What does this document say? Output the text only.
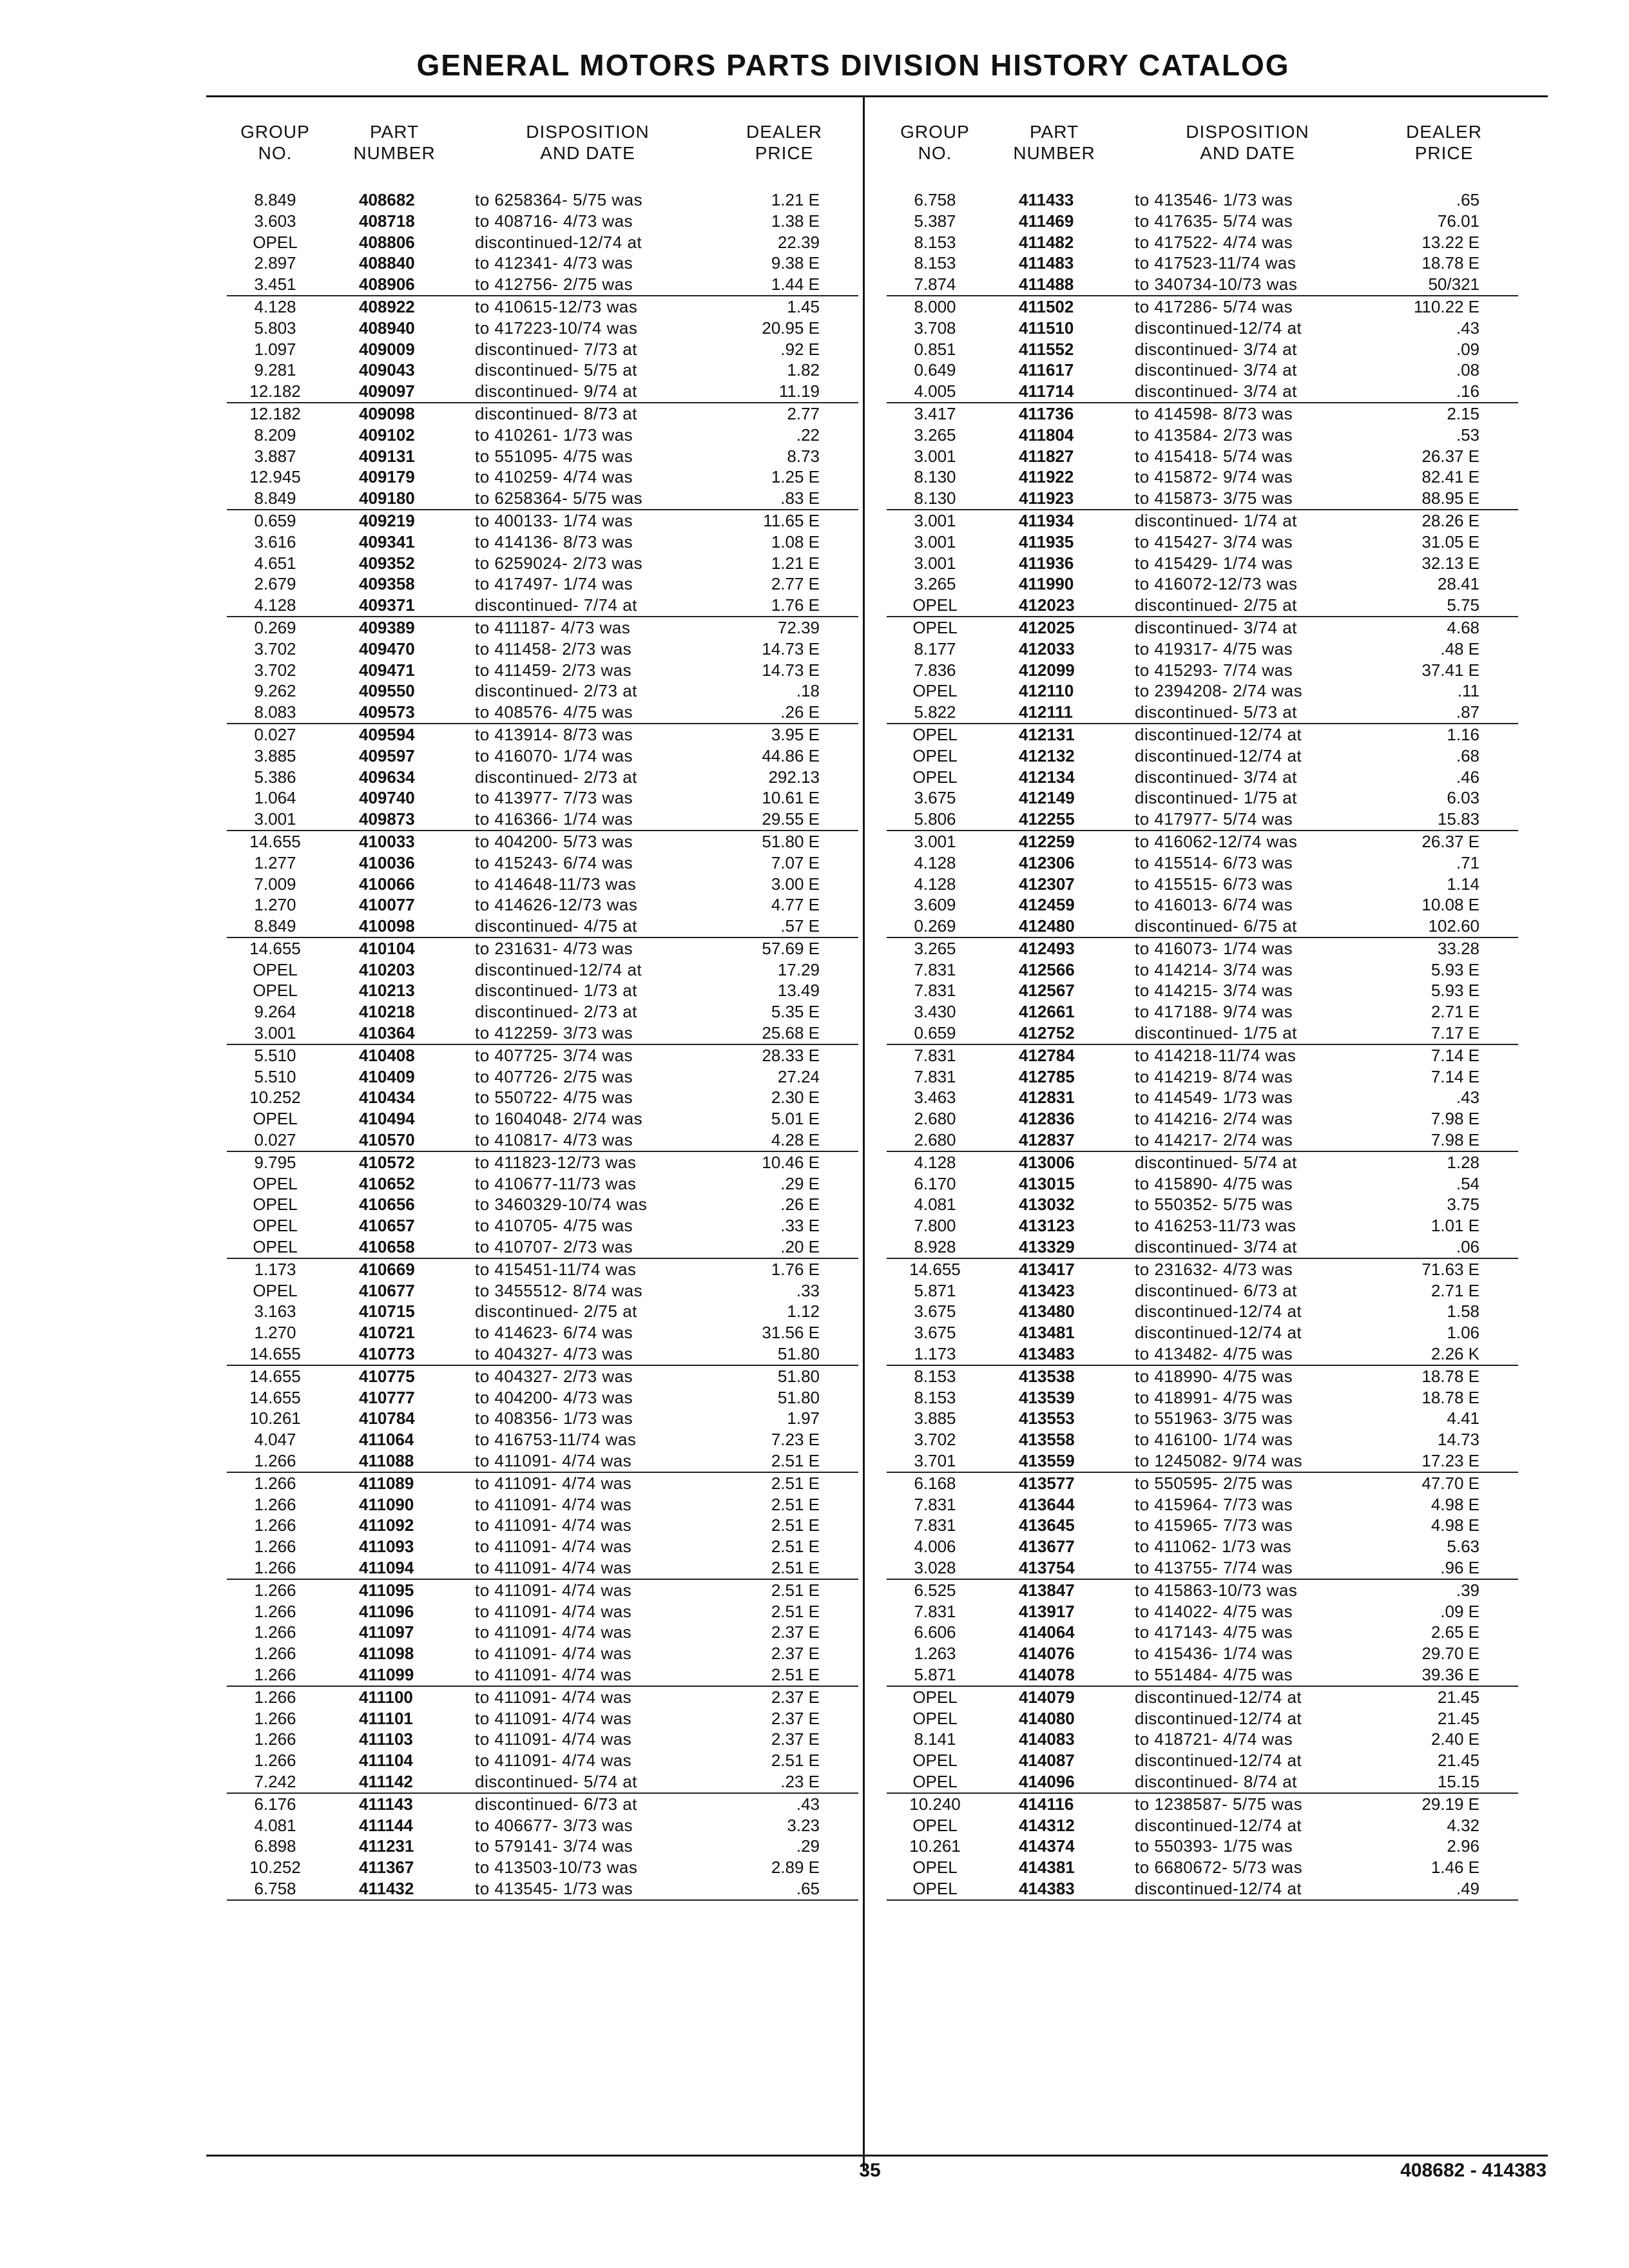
GENERAL MOTORS PARTS DIVISION HISTORY CATALOG
GROUP
NO.
PART
NUMBER
DISPOSITION
AND DATE
DEALER
PRICE
8.849	408682	to 6258364- 5/75 was	1.21 E
3.603	408718	to 408716- 4/73 was	1.38 E
OPEL	408806	discontinued-12/74 at	22.39
2.897	408840	to 412341- 4/73 was	9.38 E
3.451	408906	to 412756- 2/75 was	1.44 E
4.128	408922	to 410615-12/73 was	1.45
5.803	408940	to 417223-10/74 was	20.95 E
1.097	409009	discontinued- 7/73 at	.92 E
9.281	409043	discontinued- 5/75 at	1.82
12.182	409097	discontinued- 9/74 at	11.19
12.182	409098	discontinued- 8/73 at	2.77
8.209	409102	to 410261- 1/73 was	.22
3.887	409131	to 551095- 4/75 was	8.73
12.945	409179	to 410259- 4/74 was	1.25 E
8.849	409180	to 6258364- 5/75 was	.83 E
0.659	409219	to 400133- 1/74 was	11.65 E
3.616	409341	to 414136- 8/73 was	1.08 E
4.651	409352	to 6259024- 2/73 was	1.21 E
2.679	409358	to 417497- 1/74 was	2.77 E
4.128	409371	discontinued- 7/74 at	1.76 E
0.269	409389	to 411187- 4/73 was	72.39
3.702	409470	to 411458- 2/73 was	14.73 E
3.702	409471	to 411459- 2/73 was	14.73 E
9.262	409550	discontinued- 2/73 at	.18
8.083	409573	to 408576- 4/75 was	.26 E
0.027	409594	to 413914- 8/73 was	3.95 E
3.885	409597	to 416070- 1/74 was	44.86 E
5.386	409634	discontinued- 2/73 at	292.13
1.064	409740	to 413977- 7/73 was	10.61 E
3.001	409873	to 416366- 1/74 was	29.55 E
14.655	410033	to 404200- 5/73 was	51.80 E
1.277	410036	to 415243- 6/74 was	7.07 E
7.009	410066	to 414648-11/73 was	3.00 E
1.270	410077	to 414626-12/73 was	4.77 E
8.849	410098	discontinued- 4/75 at	.57 E
14.655	410104	to 231631- 4/73 was	57.69 E
OPEL	410203	discontinued-12/74 at	17.29
OPEL	410213	discontinued- 1/73 at	13.49
9.264	410218	discontinued- 2/73 at	5.35 E
3.001	410364	to 412259- 3/73 was	25.68 E
5.510	410408	to 407725- 3/74 was	28.33 E
5.510	410409	to 407726- 2/75 was	27.24
10.252	410434	to 550722- 4/75 was	2.30 E
OPEL	410494	to 1604048- 2/74 was	5.01 E
0.027	410570	to 410817- 4/73 was	4.28 E
9.795	410572	to 411823-12/73 was	10.46 E
OPEL	410652	to 410677-11/73 was	.29 E
OPEL	410656	to 3460329-10/74 was	.26 E
OPEL	410657	to 410705- 4/75 was	.33 E
OPEL	410658	to 410707- 2/73 was	.20 E
1.173	410669	to 415451-11/74 was	1.76 E
OPEL	410677	to 3455512- 8/74 was	.33
3.163	410715	discontinued- 2/75 at	1.12
1.270	410721	to 414623- 6/74 was	31.56 E
14.655	410773	to 404327- 4/73 was	51.80
14.655	410775	to 404327- 2/73 was	51.80
14.655	410777	to 404200- 4/73 was	51.80
10.261	410784	to 408356- 1/73 was	1.97
4.047	411064	to 416753-11/74 was	7.23 E
1.266	411088	to 411091- 4/74 was	2.51 E
1.266	411089	to 411091- 4/74 was	2.51 E
1.266	411090	to 411091- 4/74 was	2.51 E
1.266	411092	to 411091- 4/74 was	2.51 E
1.266	411093	to 411091- 4/74 was	2.51 E
1.266	411094	to 411091- 4/74 was	2.51 E
1.266	411095	to 411091- 4/74 was	2.51 E
1.266	411096	to 411091- 4/74 was	2.51 E
1.266	411097	to 411091- 4/74 was	2.37 E
1.266	411098	to 411091- 4/74 was	2.37 E
1.266	411099	to 411091- 4/74 was	2.51 E
1.266	411100	to 411091- 4/74 was	2.37 E
1.266	411101	to 411091- 4/74 was	2.37 E
1.266	411103	to 411091- 4/74 was	2.37 E
1.266	411104	to 411091- 4/74 was	2.51 E
7.242	411142	discontinued- 5/74 at	.23 E
6.176	411143	discontinued- 6/73 at	.43
4.081	411144	to 406677- 3/73 was	3.23
6.898	411231	to 579141- 3/74 was	.29
10.252	411367	to 413503-10/73 was	2.89 E
6.758	411432	to 413545- 1/73 was	.65
GROUP
NO.
PART
NUMBER
DISPOSITION
AND DATE
DEALER
PRICE
6.758	411433	to 413546- 1/73 was	.65
5.387	411469	to 417635- 5/74 was	76.01
8.153	411482	to 417522- 4/74 was	13.22 E
8.153	411483	to 417523-11/74 was	18.78 E
7.874	411488	to 340734-10/73 was	50/321
8.000	411502	to 417286- 5/74 was	110.22 E
3.708	411510	discontinued-12/74 at	.43
0.851	411552	discontinued- 3/74 at	.09
0.649	411617	discontinued- 3/74 at	.08
4.005	411714	discontinued- 3/74 at	.16
3.417	411736	to 414598- 8/73 was	2.15
3.265	411804	to 413584- 2/73 was	.53
3.001	411827	to 415418- 5/74 was	26.37 E
8.130	411922	to 415872- 9/74 was	82.41 E
8.130	411923	to 415873- 3/75 was	88.95 E
3.001	411934	discontinued- 1/74 at	28.26 E
3.001	411935	to 415427- 3/74 was	31.05 E
3.001	411936	to 415429- 1/74 was	32.13 E
3.265	411990	to 416072-12/73 was	28.41
OPEL	412023	discontinued- 2/75 at	5.75
OPEL	412025	discontinued- 3/74 at	4.68
8.177	412033	to 419317- 4/75 was	.48 E
7.836	412099	to 415293- 7/74 was	37.41 E
OPEL	412110	to 2394208- 2/74 was	.11
5.822	412111	discontinued- 5/73 at	.87
OPEL	412131	discontinued-12/74 at	1.16
OPEL	412132	discontinued-12/74 at	.68
OPEL	412134	discontinued- 3/74 at	.46
3.675	412149	discontinued- 1/75 at	6.03
5.806	412255	to 417977- 5/74 was	15.83
3.001	412259	to 416062-12/74 was	26.37 E
4.128	412306	to 415514- 6/73 was	.71
4.128	412307	to 415515- 6/73 was	1.14
3.609	412459	to 416013- 6/74 was	10.08 E
0.269	412480	discontinued- 6/75 at	102.60
3.265	412493	to 416073- 1/74 was	33.28
7.831	412566	to 414214- 3/74 was	5.93 E
7.831	412567	to 414215- 3/74 was	5.93 E
3.430	412661	to 417188- 9/74 was	2.71 E
0.659	412752	discontinued- 1/75 at	7.17 E
7.831	412784	to 414218-11/74 was	7.14 E
7.831	412785	to 414219- 8/74 was	7.14 E
3.463	412831	to 414549- 1/73 was	.43
2.680	412836	to 414216- 2/74 was	7.98 E
2.680	412837	to 414217- 2/74 was	7.98 E
4.128	413006	discontinued- 5/74 at	1.28
6.170	413015	to 415890- 4/75 was	.54
4.081	413032	to 550352- 5/75 was	3.75
7.800	413123	to 416253-11/73 was	1.01 E
8.928	413329	discontinued- 3/74 at	.06
14.655	413417	to 231632- 4/73 was	71.63 E
5.871	413423	discontinued- 6/73 at	2.71 E
3.675	413480	discontinued-12/74 at	1.58
3.675	413481	discontinued-12/74 at	1.06
1.173	413483	to 413482- 4/75 was	2.26 K
8.153	413538	to 418990- 4/75 was	18.78 E
8.153	413539	to 418991- 4/75 was	18.78 E
3.885	413553	to 551963- 3/75 was	4.41
3.702	413558	to 416100- 1/74 was	14.73
3.701	413559	to 1245082- 9/74 was	17.23 E
6.168	413577	to 550595- 2/75 was	47.70 E
7.831	413644	to 415964- 7/73 was	4.98 E
7.831	413645	to 415965- 7/73 was	4.98 E
4.006	413677	to 411062- 1/73 was	5.63
3.028	413754	to 413755- 7/74 was	.96 E
6.525	413847	to 415863-10/73 was	.39
7.831	413917	to 414022- 4/75 was	.09 E
6.606	414064	to 417143- 4/75 was	2.65 E
1.263	414076	to 415436- 1/74 was	29.70 E
5.871	414078	to 551484- 4/75 was	39.36 E
OPEL	414079	discontinued-12/74 at	21.45
OPEL	414080	discontinued-12/74 at	21.45
8.141	414083	to 418721- 4/74 was	2.40 E
OPEL	414087	discontinued-12/74 at	21.45
OPEL	414096	discontinued- 8/74 at	15.15
10.240	414116	to 1238587- 5/75 was	29.19 E
OPEL	414312	discontinued-12/74 at	4.32
10.261	414374	to 550393- 1/75 was	2.96
OPEL	414381	to 6680672- 5/73 was	1.46 E
OPEL	414383	discontinued-12/74 at	.49
35	408682 - 414383
